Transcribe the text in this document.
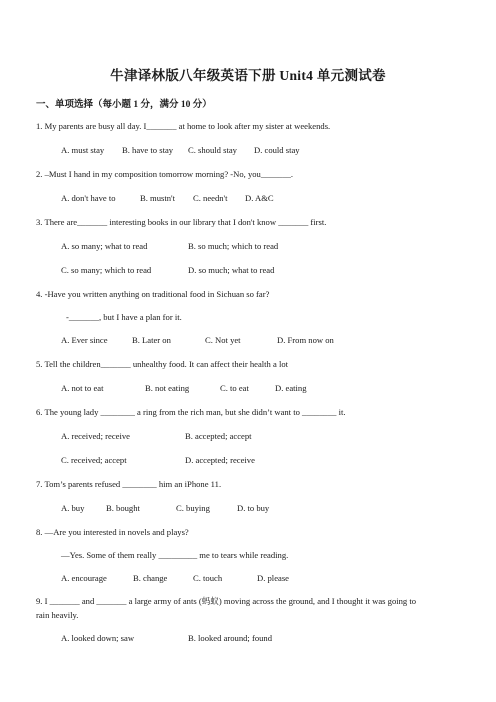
牛津译林版八年级英语下册 Unit4 单元测试卷
一、单项选择（每小题 1 分，满分 10 分）
1. My parents are busy all day. I_______ at home to look after my sister at weekends.
A. must stay B. have to stay C. should stay D. could stay
2. –Must I hand in my composition tomorrow morning? -No, you_______.
A. don't have to	B. mustn't C. needn't D. A&C
3. There are_______ interesting books in our library that I don't know _______ first.
A. so many; what to read	B. so much; which to read
C. so many; which to read	D. so much; what to read
4. -Have you written anything on traditional food in Sichuan so far?
-_______, but I have a plan for it.
A. Ever since	B. Later on	C. Not yet	D. From now on
5. Tell the children_______ unhealthy food. It can affect their health a lot
A. not to eat	B. not eating	C. to eat	D. eating
6. The young lady ________ a ring from the rich man, but she didn’t want to ________ it.
A. received; receive	B. accepted; accept
C. received; accept	D. accepted; receive
7. Tom’s parents refused ________ him an iPhone 11.
A. buy	B. bought	C. buying	D. to buy
8. —Are you interested in novels and plays?
—Yes. Some of them really _________ me to tears while reading.
A. encourage	B. change	C. touch	D. please
9. I _______ and _______ a large army of ants (蚂蚁) moving across the ground, and I thought it was going to
rain heavily.
A. looked down; saw	B. looked around; found
